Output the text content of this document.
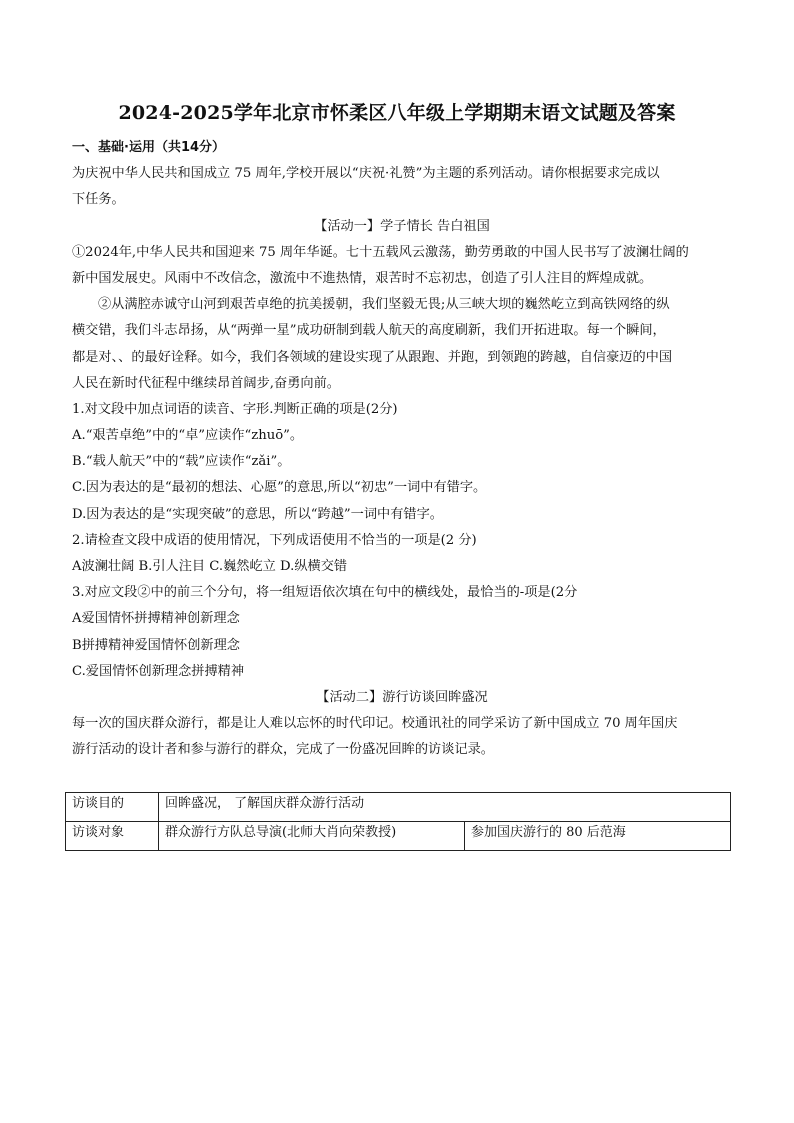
2024-2025学年北京市怀柔区八年级上学期期末语文试题及答案
一、基础·运用（共14分）
为庆祝中华人民共和国成立 75 周年,学校开展以“庆祝·礼赞”为主题的系列活动。请你根据要求完成以
下任务。
【活动一】学子情长 告白祖国
①2024年,中华人民共和国迎来 75 周年华诞。七十五载风云激荡，勤劳勇敢的中国人民书写了波澜壮阔的
新中国发展史。风雨中不改信念，激流中不進热情，艰苦时不忘初忠，创造了引人注目的辉煌成就。
②从满腔赤诚守山河到艰苦卓绝的抗美援朝，我们坚毅无畏;从三峡大坝的巍然屹立到高铁网络的纵
横交错，我们斗志昂扬，从“两弹一星”成功研制到载人航天的高度刷新，我们开拓进取。每一个瞬间，
都是对、、的最好诠释。如今，我们各领域的建设实现了从跟跑、并跑，到领跑的跨越，自信豪迈的中国
人民在新时代征程中继续昂首阔步,奋勇向前。
1.对文段中加点词语的读音、字形.判断正确的项是(2分)
A.“艰苦卓绝”中的“卓”应读作“zhuō”。
B.“载人航天”中的“载”应读作“zǎi”。
C.因为表达的是“最初的想法、心愿”的意思,所以“初忠”一词中有错字。
D.因为表达的是“实现突破”的意思，所以“跨越”一词中有错字。
2.请检查文段中成语的使用情况，下列成语使用不恰当的一项是(2 分)
A波澜壮阔 B.引人注目 C.巍然屹立 D.纵横交错
3.对应文段②中的前三个分句，将一组短语依次填在句中的横线处，最恰当的-项是(2分
A爱国情怀拼搏精神创新理念
B拼搏精神爱国情怀创新理念
C.爱国情怀创新理念拼搏精神
【活动二】游行访谈回眸盛况
每一次的国庆群众游行，都是让人难以忘怀的时代印记。校通讯社的同学采访了新中国成立 70 周年国庆
游行活动的设计者和参与游行的群众，完成了一份盛况回眸的访谈记录。
访谈目的	回眸盛况， 了解国庆群众游行活动	
访谈对象	群众游行方队总导演(北师大肖向荣教授)	参加国庆游行的 80 后范海
